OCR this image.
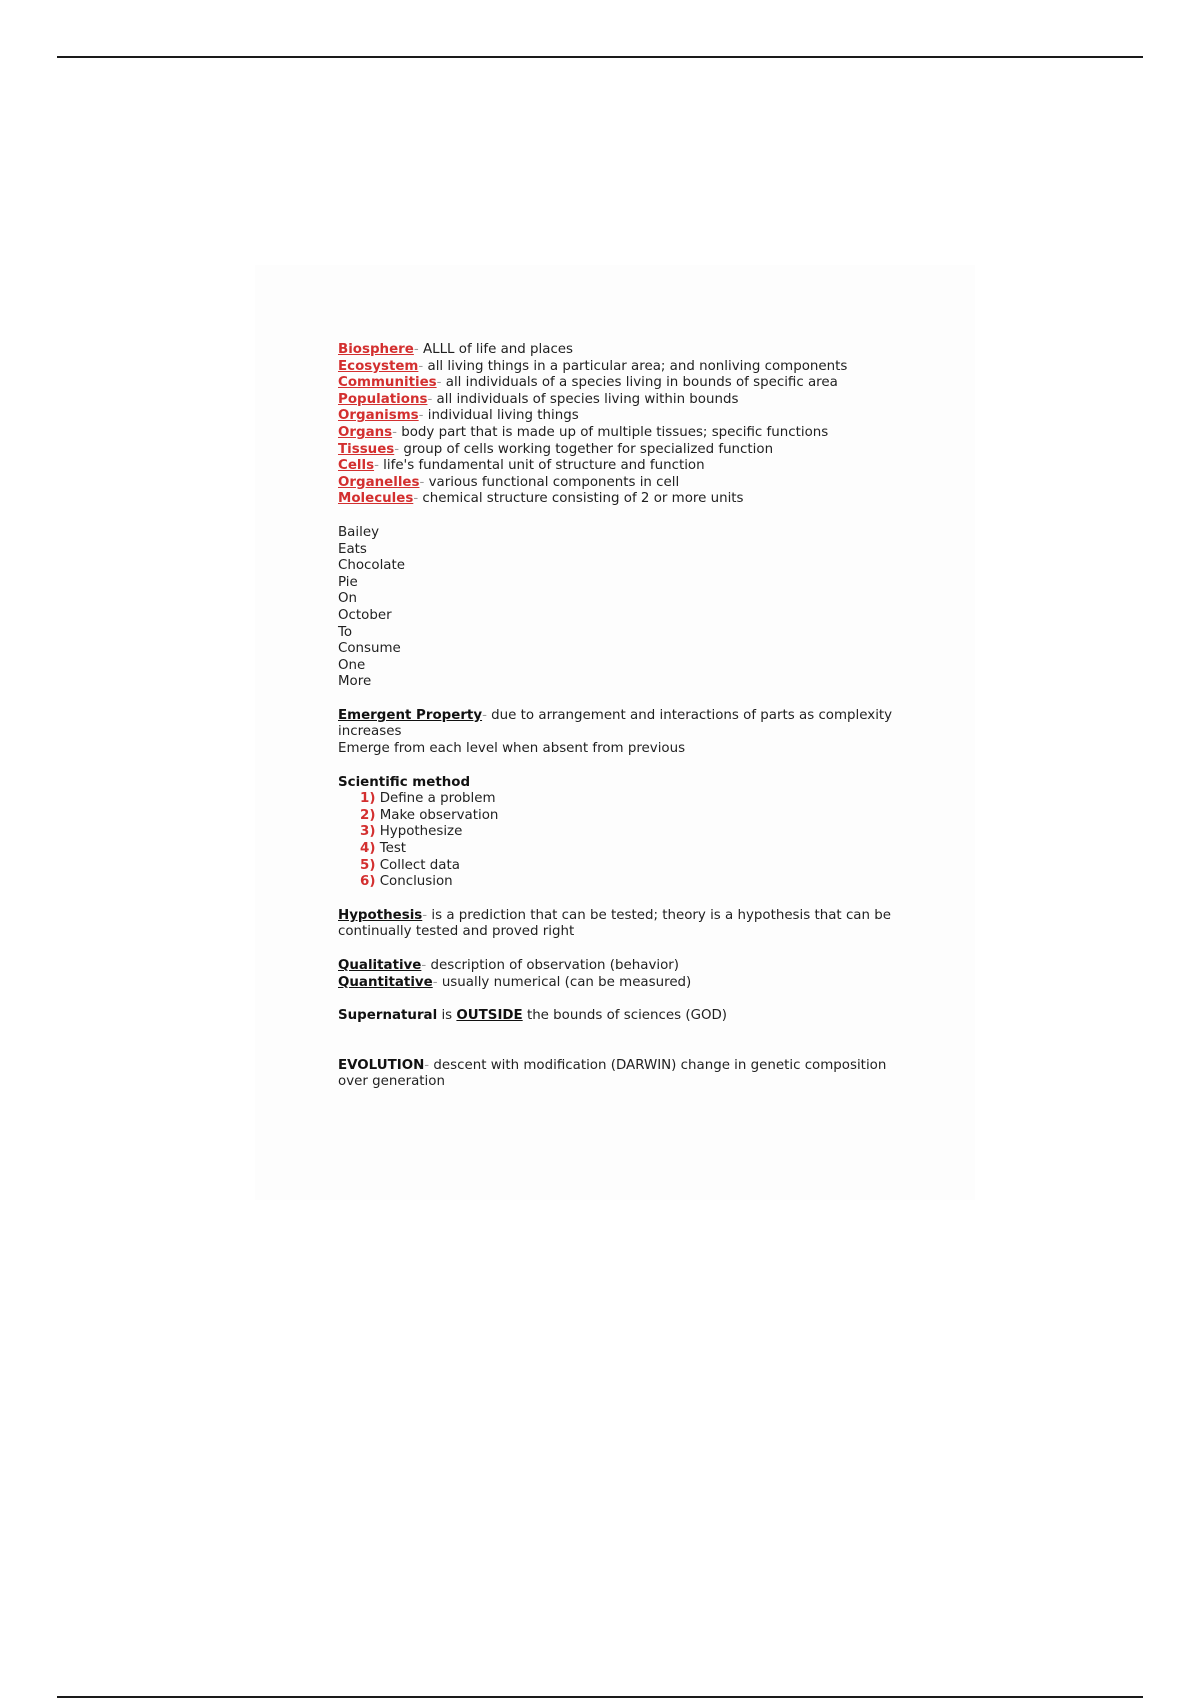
Biosphere- ALLL of life and places
Ecosystem- all living things in a particular area; and nonliving components
Communities- all individuals of a species living in bounds of specific area
Populations- all individuals of species living within bounds
Organisms- individual living things
Organs- body part that is made up of multiple tissues; specific functions
Tissues- group of cells working together for specialized function
Cells- life's fundamental unit of structure and function
Organelles- various functional components in cell
Molecules- chemical structure consisting of 2 or more units
Bailey
Eats
Chocolate
Pie
On
October
To
Consume
One
More
Emergent Property- due to arrangement and interactions of parts as complexity increases
Emerge from each level when absent from previous
Scientific method
1) Define a problem
2) Make observation
3) Hypothesize
4) Test
5) Collect data
6) Conclusion
Hypothesis- is a prediction that can be tested; theory is a hypothesis that can be continually tested and proved right
Qualitative- description of observation (behavior)
Quantitative- usually numerical (can be measured)
Supernatural is OUTSIDE the bounds of sciences (GOD)
EVOLUTION- descent with modification (DARWIN) change in genetic composition over generation
